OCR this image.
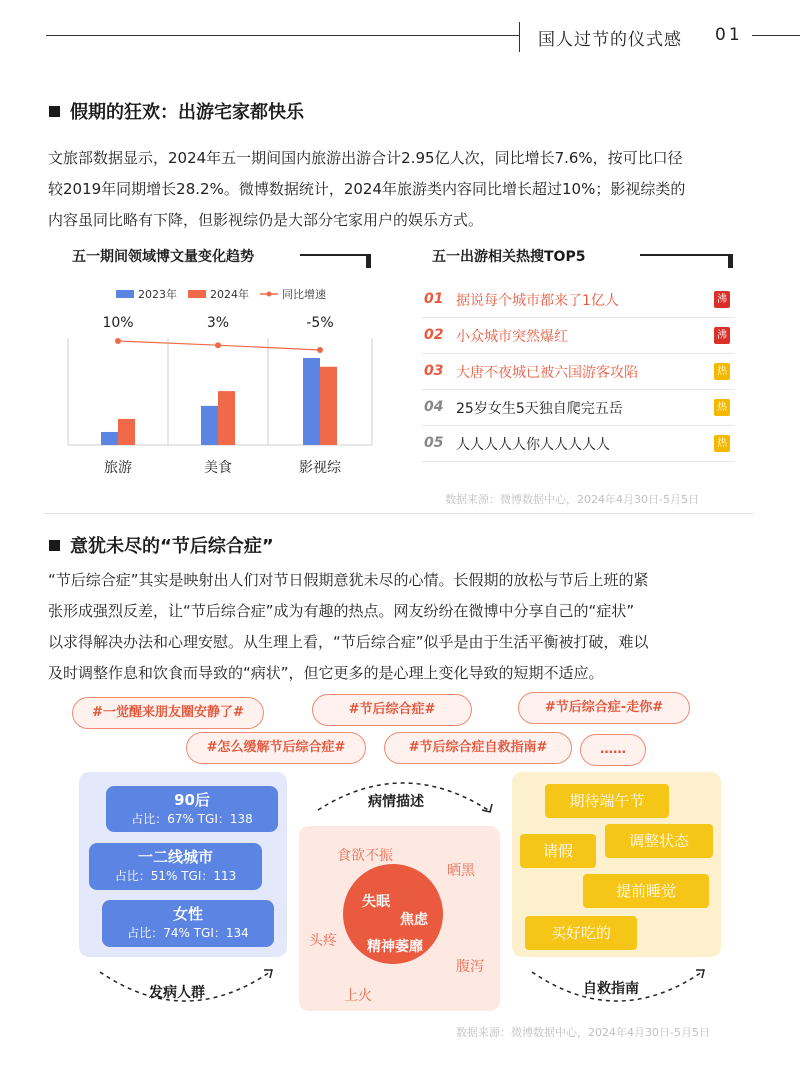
国人过节的仪式感 01
假期的狂欢：出游宅家都快乐
文旅部数据显示，2024年五一期间国内旅游出游合计2.95亿人次，同比增长7.6%，按可比口径
较2019年同期增长28.2%。微博数据统计，2024年旅游类内容同比增长超过10%；影视综类的
内容虽同比略有下降，但影视综仍是大部分宅家用户的娱乐方式。
五一期间领域博文量变化趋势
2023年	2024年	同比增速
旅游	美食	影视综
10%	3%	-5%
五一出游相关热搜TOP5
01 据说每个城市都来了1亿人	沸
02 小众城市突然爆红	沸
03 大唐不夜城已被六国游客攻陷	热
04 25岁女生5天独自爬完五岳	热
05 人人人人人你人人人人人	热
数据来源：微博数据中心，2024年4月30日-5月5日
意犹未尽的“节后综合症”
“节后综合症”其实是映射出人们对节日假期意犹未尽的心情。长假期的放松与节后上班的紧
张形成强烈反差，让“节后综合症”成为有趣的热点。网友纷纷在微博中分享自己的“症状”
以求得解决办法和心理安慰。从生理上看，“节后综合症”似乎是由于生活平衡被打破，难以
及时调整作息和饮食而导致的“病状”，但它更多的是心理上变化导致的短期不适应。
#一觉醒来朋友圈安静了#	#节后综合症#	#节后综合症-走你#
#怎么缓解节后综合症#	#节后综合症自救指南#	……
90后
占比：67% TGI：138
一二线城市
占比：51% TGI：113
女性
占比：74% TGI：134
发病人群
病情描述
食欲不振
晒黑
头疼
腹泻
上火
失眠
焦虑
精神萎靡
期待端午节
请假
调整状态
提前睡觉
买好吃的
自救指南
数据来源：微博数据中心，2024年4月30日-5月5日
